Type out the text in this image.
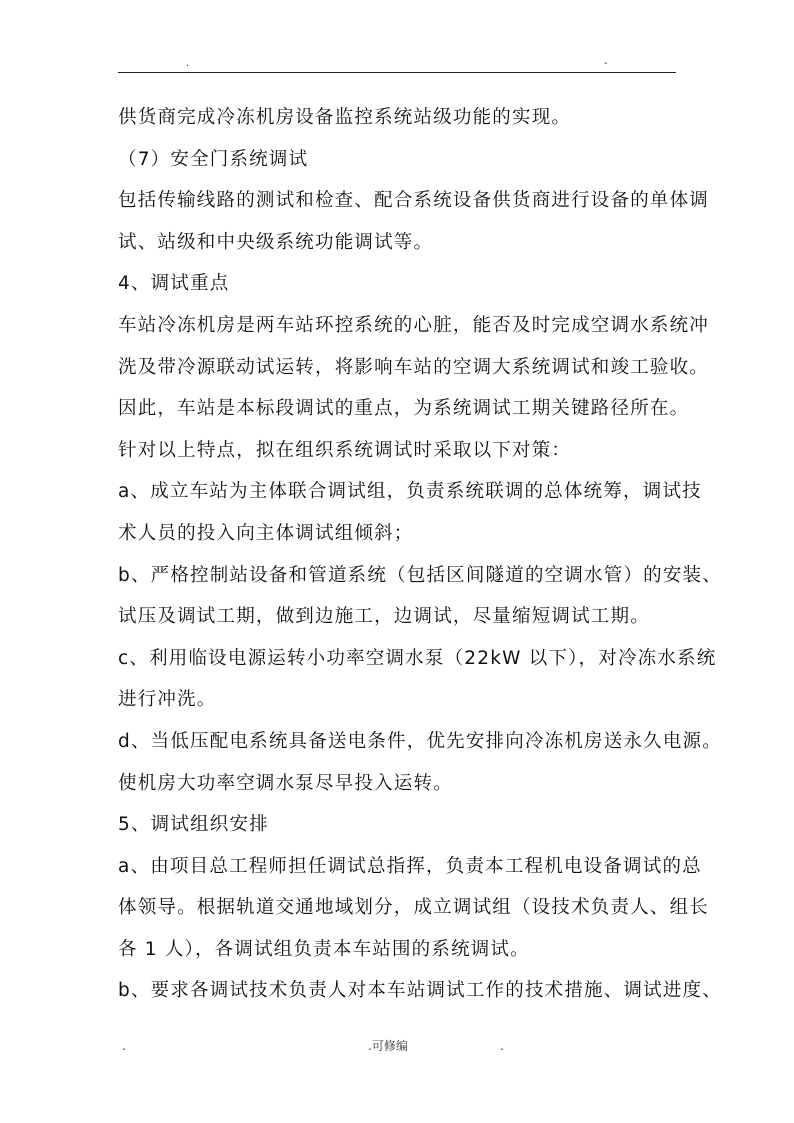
.	-
供货商完成冷冻机房设备监控系统站级功能的实现。
（7）安全门系统调试
包括传输线路的测试和检查、配合系统设备供货商进行设备的单体调
试、站级和中央级系统功能调试等。
4、调试重点
车站冷冻机房是两车站环控系统的心脏，能否及时完成空调水系统冲
洗及带冷源联动试运转，将影响车站的空调大系统调试和竣工验收。
因此，车站是本标段调试的重点，为系统调试工期关键路径所在。
针对以上特点，拟在组织系统调试时采取以下对策：
a、成立车站为主体联合调试组，负责系统联调的总体统筹，调试技
术人员的投入向主体调试组倾斜；
b、严格控制站设备和管道系统（包括区间隧道的空调水管）的安装、
试压及调试工期，做到边施工，边调试，尽量缩短调试工期。
c、利用临设电源运转小功率空调水泵（22kW 以下），对冷冻水系统
进行冲洗。
d、当低压配电系统具备送电条件，优先安排向冷冻机房送永久电源。
使机房大功率空调水泵尽早投入运转。
5、调试组织安排
a、由项目总工程师担任调试总指挥，负责本工程机电设备调试的总
体领导。根据轨道交通地域划分，成立调试组（设技术负责人、组长
各 1 人），各调试组负责本车站围的系统调试。
b、要求各调试技术负责人对本车站调试工作的技术措施、调试进度、
.	.可修编	.
